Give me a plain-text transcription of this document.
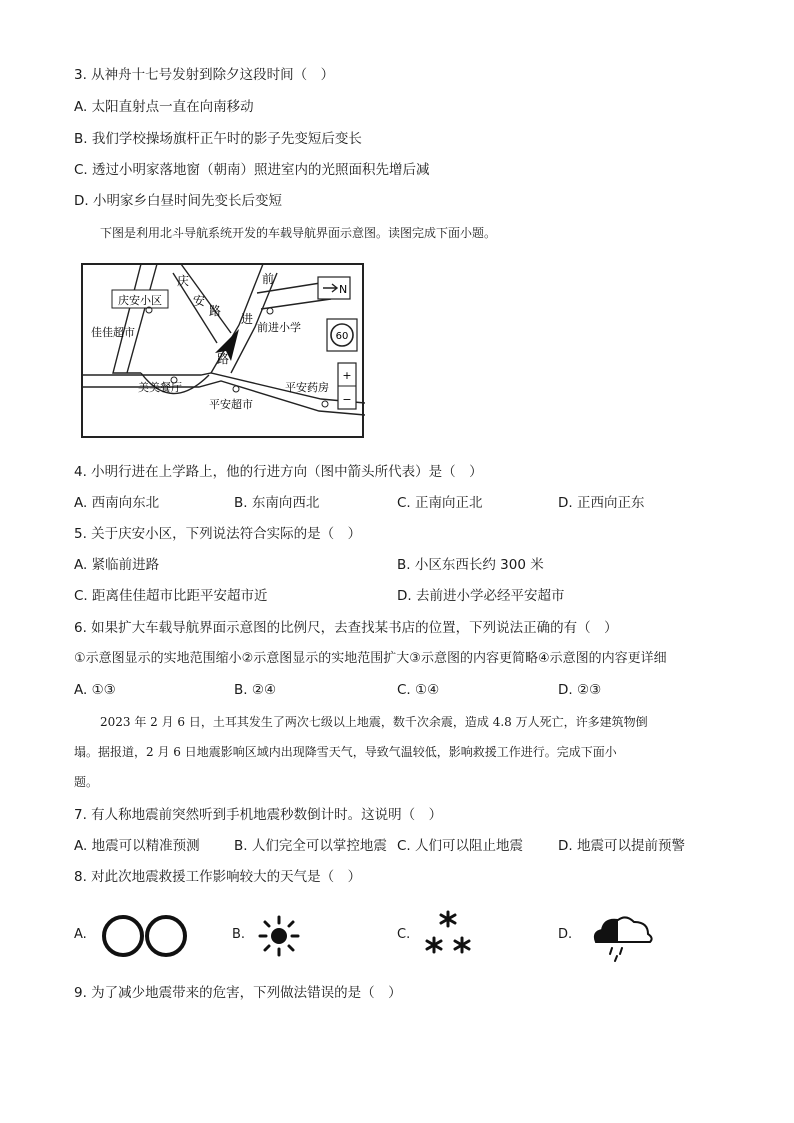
3. 从神舟十七号发射到除夕这段时间（　）
A. 太阳直射点一直在向南移动
B. 我们学校操场旗杆正午时的影子先变短后变长
C. 透过小明家落地窗（朝南）照进室内的光照面积先增后减
D. 小明家乡白昼时间先变长后变短
下图是利用北斗导航系统开发的车载导航界面示意图。读图完成下面小题。
庆安小区
庆
安
路
前
进
路
佳佳超市
美美餐厅
平安超市
平安药房
前进小学
N
60
+
−
4. 小明行进在上学路上，他的行进方向（图中箭头所代表）是（　）
A. 西南向东北	B. 东南向西北	C. 正南向正北	D. 正西向正东
5. 关于庆安小区，下列说法符合实际的是（　）
A. 紧临前进路	B. 小区东西长约 300 米
C. 距离佳佳超市比距平安超市近	D. 去前进小学必经平安超市
6. 如果扩大车载导航界面示意图的比例尺，去查找某书店的位置，下列说法正确的有（　）
①示意图显示的实地范围缩小②示意图显示的实地范围扩大③示意图的内容更简略④示意图的内容更详细
A. ①③	B. ②④	C. ①④	D. ②③
2023 年 2 月 6 日，土耳其发生了两次七级以上地震，数千次余震，造成 4.8 万人死亡，许多建筑物倒
塌。据报道，2 月 6 日地震影响区域内出现降雪天气，导致气温较低，影响救援工作进行。完成下面小
题。
7. 有人称地震前突然听到手机地震秒数倒计时。这说明（　）
A. 地震可以精准预测	B. 人们完全可以掌控地震 C. 人们可以阻止地震	D. 地震可以提前预警
8. 对此次地震救援工作影响较大的天气是（　）
A.	B.	C.	D.
9. 为了减少地震带来的危害，下列做法错误的是（　）
